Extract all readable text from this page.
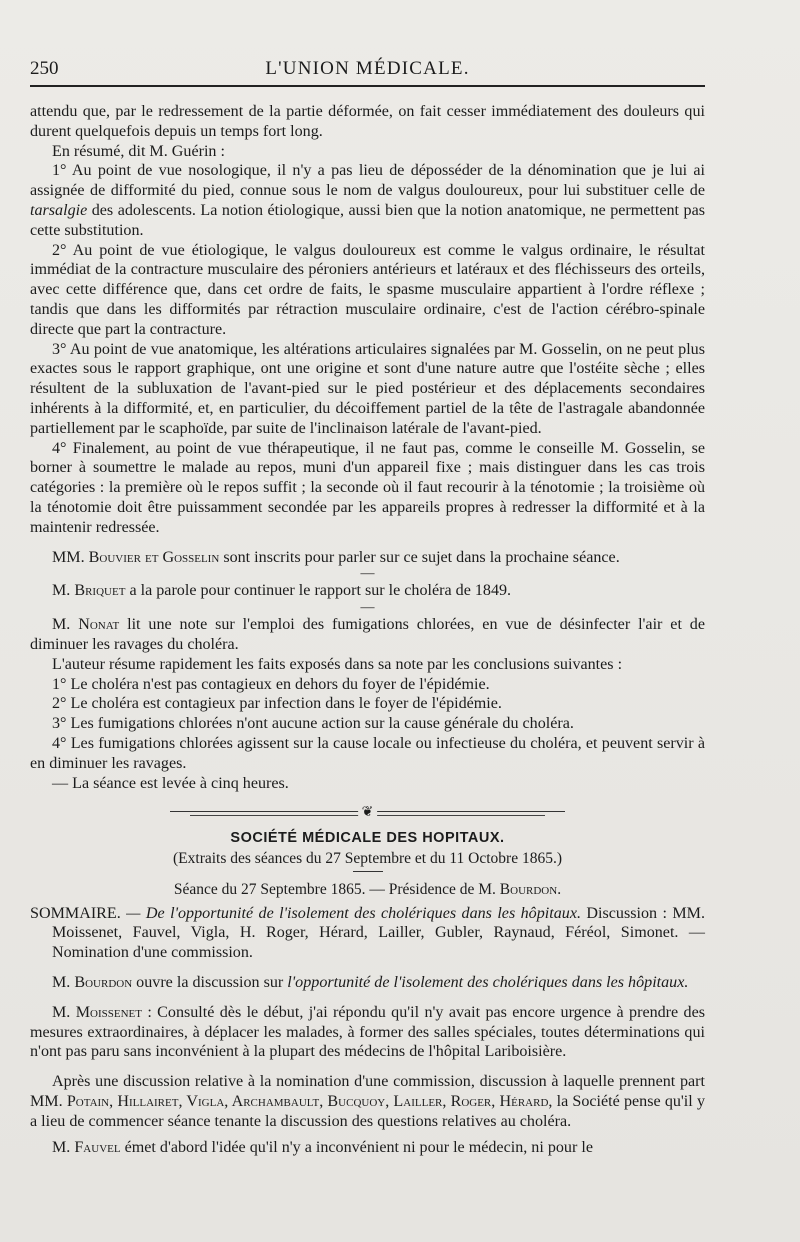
250	L'UNION MÉDICALE.

attendu que, par le redressement de la partie déformée, on fait cesser immédiatement des douleurs qui durent quelquefois depuis un temps fort long.

En résumé, dit M. Guérin :

1° Au point de vue nosologique, il n'y a pas lieu de déposséder de la dénomination que je lui ai assignée de difformité du pied, connue sous le nom de valgus douloureux, pour lui substituer celle de tarsalgie des adolescents. La notion étiologique, aussi bien que la notion anatomique, ne permettent pas cette substitution.

2° Au point de vue étiologique, le valgus douloureux est comme le valgus ordinaire, le résultat immédiat de la contracture musculaire des péroniers antérieurs et latéraux et des fléchisseurs des orteils, avec cette différence que, dans cet ordre de faits, le spasme musculaire appartient à l'ordre réflexe ; tandis que dans les difformités par rétraction musculaire ordinaire, c'est de l'action cérébro-spinale directe que part la contracture.

3° Au point de vue anatomique, les altérations articulaires signalées par M. Gosselin, on ne peut plus exactes sous le rapport graphique, ont une origine et sont d'une nature autre que l'ostéite sèche ; elles résultent de la subluxation de l'avant-pied sur le pied postérieur et des déplacements secondaires inhérents à la difformité, et, en particulier, du décoiffement partiel de la tête de l'astragale abandonnée partiellement par le scaphoïde, par suite de l'inclinaison latérale de l'avant-pied.

4° Finalement, au point de vue thérapeutique, il ne faut pas, comme le conseille M. Gosselin, se borner à soumettre le malade au repos, muni d'un appareil fixe ; mais distinguer dans les cas trois catégories : la première où le repos suffit ; la seconde où il faut recourir à la ténotomie ; la troisième où la ténotomie doit être puissamment secondée par les appareils propres à redresser la difformité et à la maintenir redressée.

MM. Bouvier et Gosselin sont inscrits pour parler sur ce sujet dans la prochaine séance.

—

M. Briquet a la parole pour continuer le rapport sur le choléra de 1849.

—

M. Nonat lit une note sur l'emploi des fumigations chlorées, en vue de désinfecter l'air et de diminuer les ravages du choléra.

L'auteur résume rapidement les faits exposés dans sa note par les conclusions suivantes :

1° Le choléra n'est pas contagieux en dehors du foyer de l'épidémie.

2° Le choléra est contagieux par infection dans le foyer de l'épidémie.

3° Les fumigations chlorées n'ont aucune action sur la cause générale du choléra.

4° Les fumigations chlorées agissent sur la cause locale ou infectieuse du choléra, et peuvent servir à en diminuer les ravages.

— La séance est levée à cinq heures.

❦
SOCIÉTÉ MÉDICALE DES HOPITAUX.
(Extraits des séances du 27 Septembre et du 11 Octobre 1865.)
Séance du 27 Septembre 1865. — Présidence de M. Bourdon.

SOMMAIRE. — De l'opportunité de l'isolement des cholériques dans les hôpitaux. Discussion : MM. Moissenet, Fauvel, Vigla, H. Roger, Hérard, Lailler, Gubler, Raynaud, Féréol, Simonet. — Nomination d'une commission.

M. Bourdon ouvre la discussion sur l'opportunité de l'isolement des cholériques dans les hôpitaux.

M. Moissenet : Consulté dès le début, j'ai répondu qu'il n'y avait pas encore urgence à prendre des mesures extraordinaires, à déplacer les malades, à former des salles spéciales, toutes déterminations qui n'ont pas paru sans inconvénient à la plupart des médecins de l'hôpital Lariboisière.

Après une discussion relative à la nomination d'une commission, discussion à laquelle prennent part MM. Potain, Hillairet, Vigla, Archambault, Bucquoy, Lailler, Roger, Hérard, la Société pense qu'il y a lieu de commencer séance tenante la discussion des questions relatives au choléra.

M. Fauvel émet d'abord l'idée qu'il n'y a inconvénient ni pour le médecin, ni pour le
